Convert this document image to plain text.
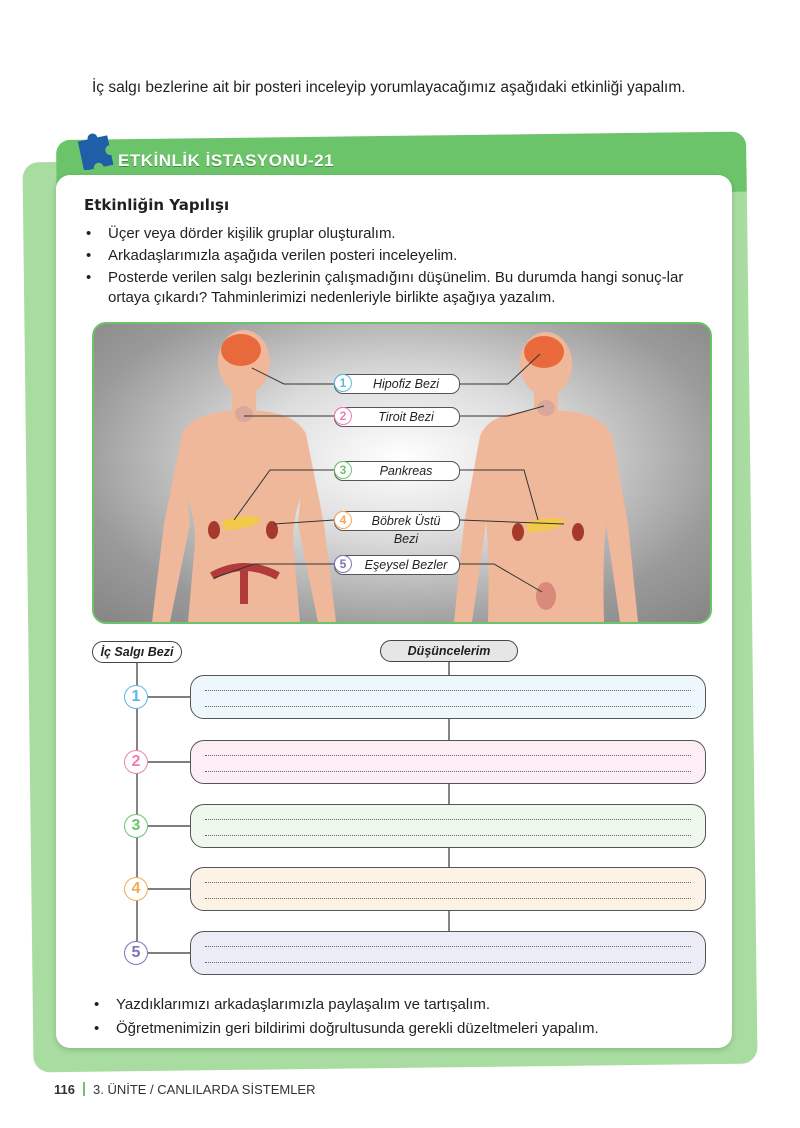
İç salgı bezlerine ait bir posteri inceleyip yorumlayacağımız aşağıdaki etkinliği yapalım.
ETKİNLİK İSTASYONU-21
Etkinliğin Yapılışı
• Üçer veya dörder kişilik gruplar oluşturalım.
• Arkadaşlarımızla aşağıda verilen posteri inceleyelim.
• Posterde verilen salgı bezlerinin çalışmadığını düşünelim. Bu durumda hangi sonuç-lar ortaya çıkardı? Tahminlerimizi nedenleriyle birlikte aşağıya yazalım.
1	Hipofiz Bezi
2	Tiroit Bezi
3	Pankreas
4	Böbrek Üstü Bezi
5	Eşeysel Bezler
İç Salgı Bezi	Düşüncelerim
1
2
3
4
5
• Yazdıklarımızı arkadaşlarımızla paylaşalım ve tartışalım.
• Öğretmenimizin geri bildirimi doğrultusunda gerekli düzeltmeleri yapalım.
116 3. ÜNİTE / CANLILARDA SİSTEMLER
